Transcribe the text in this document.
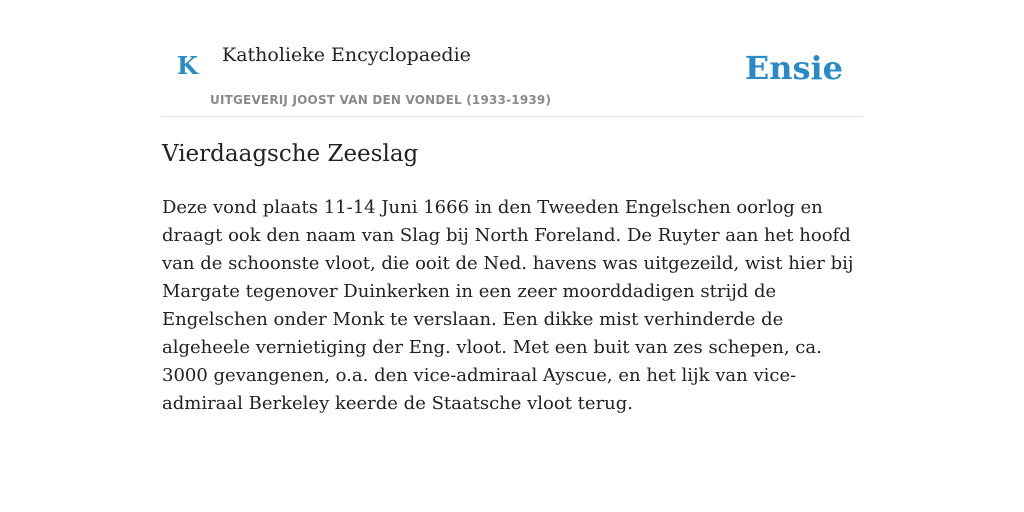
K Katholieke Encyclopaedie
UITGEVERIJ JOOST VAN DEN VONDEL (1933-1939)
Ensie
Vierdaagsche Zeeslag

Deze vond plaats 11-14 Juni 1666 in den Tweeden Engelschen oorlog en draagt ook den naam van Slag bij North Foreland. De Ruyter aan het hoofd van de schoonste vloot, die ooit de Ned. havens was uitgezeild, wist hier bij Margate tegenover Duinkerken in een zeer moorddadigen strijd de Engelschen onder Monk te verslaan. Een dikke mist verhinderde de algeheele vernietiging der Eng. vloot. Met een buit van zes schepen, ca. 3000 gevangenen, o.a. den vice-admiraal Ayscue, en het lijk van vice-admiraal Berkeley keerde de Staatsche vloot terug.
